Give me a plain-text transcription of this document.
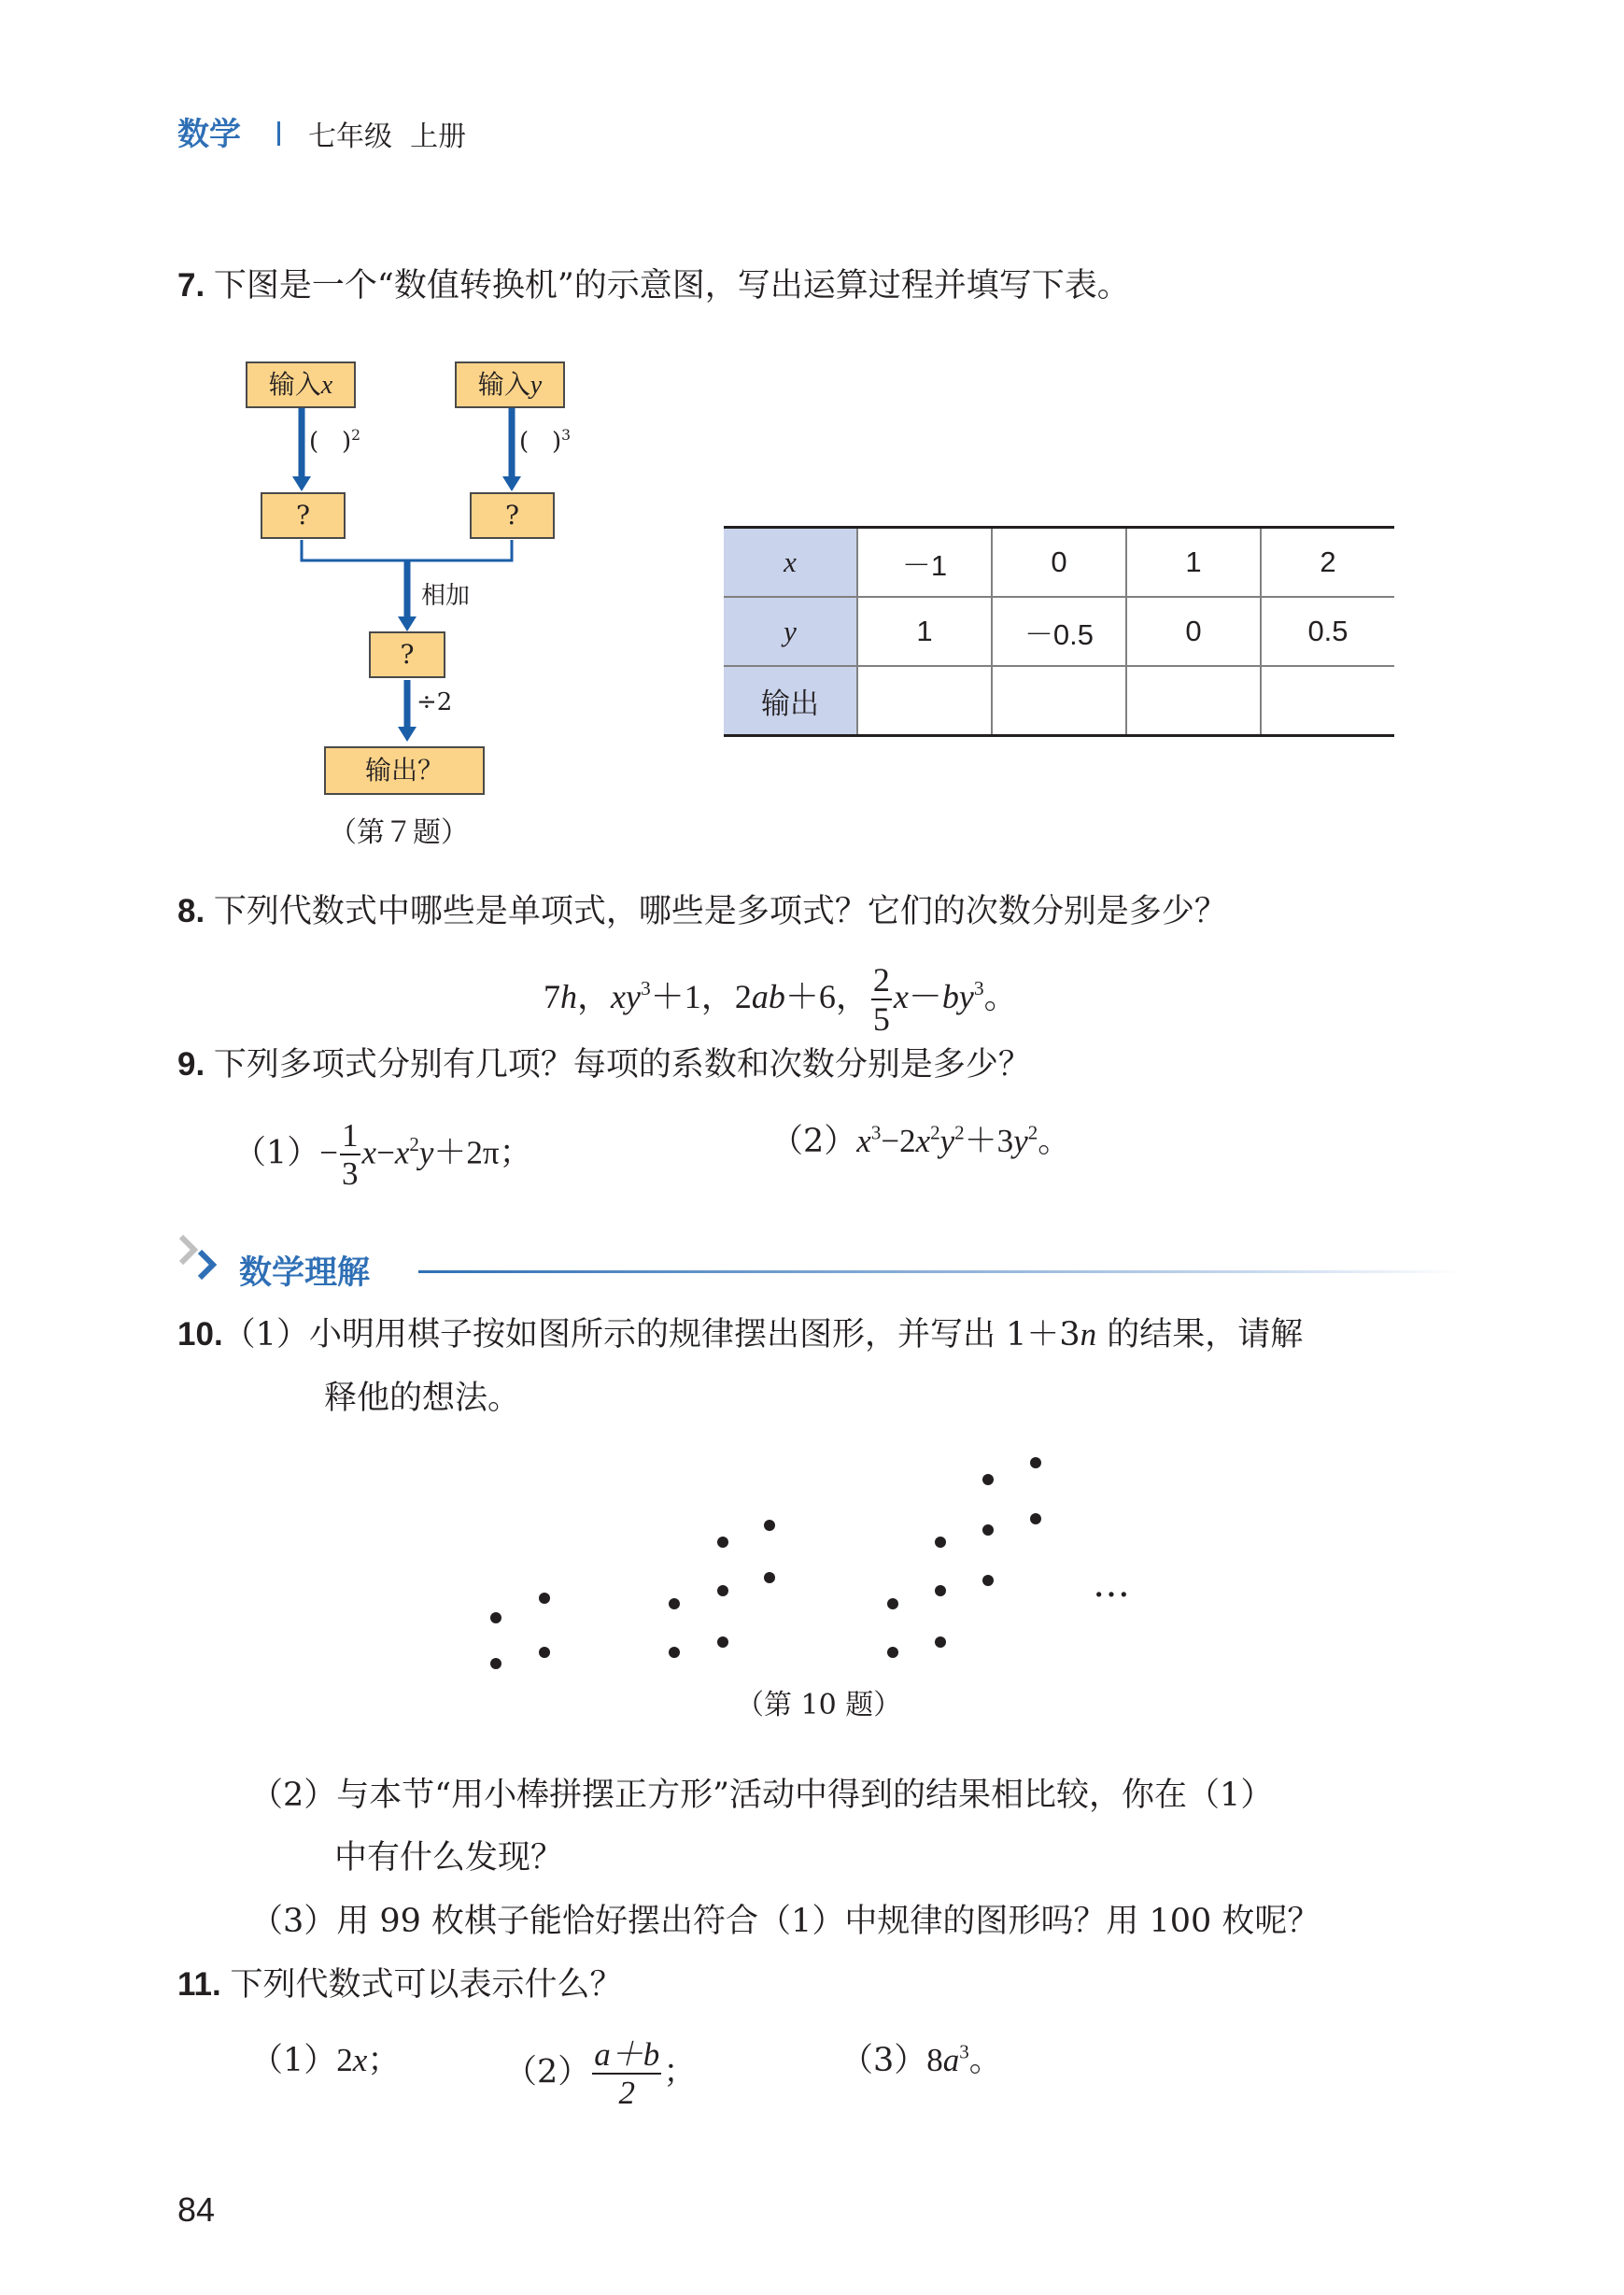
数学 七年级  上册
7. 下图是一个“数值转换机”的示意图，写出运算过程并填写下表。
输入x	输入y
(   )$^2$	(   )$^3$
?	?
相加
?
÷2
输出？
（第７题）
x	－1	0	1	2
y	1	－0.5	0	0.5
输出				
8. 下列代数式中哪些是单项式，哪些是多项式？它们的次数分别是多少？
7h，$xy^3+1$，2ab＋6， $\frac{2}{5} x-by^3$。
9. 下列多项式分别有几项？每项的系数和次数分别是多少？
$(1)- \frac{1}{3} x-x^2y+2\pi$；	$(2)x^3-2x^2y^2+3y^2$。
数学理解
10.（1）小明用棋子按如图所示的规律摆出图形，并写出 1＋3n 的结果，请解
释他的想法。
…
（第 10 题）
（2）与本节“用小棒拼摆正方形”活动中得到的结果相比较，你在（1）
中有什么发现？
（3）用 99 枚棋子能恰好摆出符合（1）中规律的图形吗？用 100 枚呢？
11. 下列代数式可以表示什么？
（1）2x；	$(2) \frac{a+b}{2}$ ；	$(3)8a^3$。
84
